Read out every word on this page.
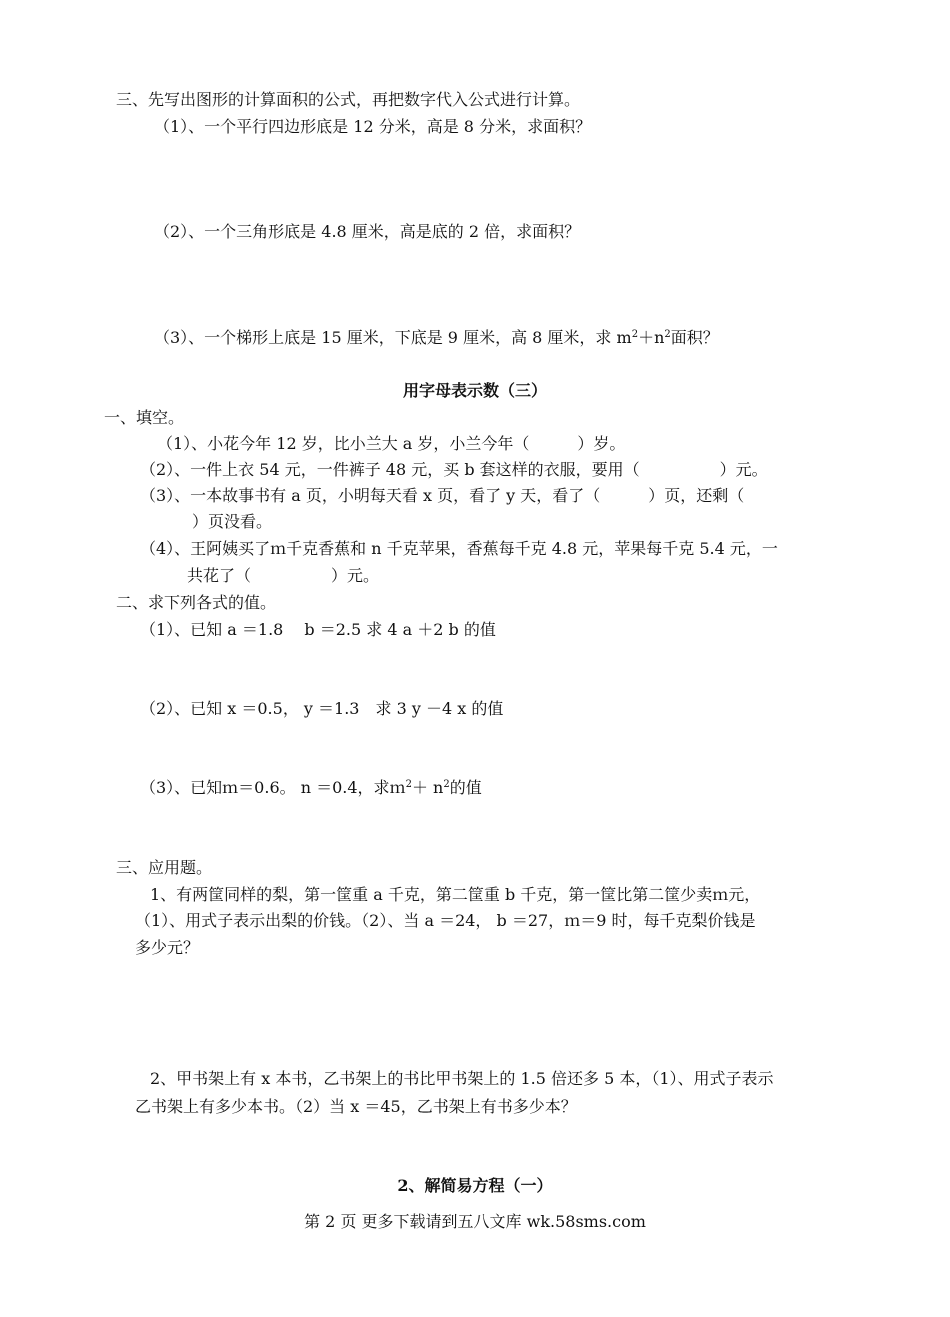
三、先写出图形的计算面积的公式，再把数字代入公式进行计算。
（1）、一个平行四边形底是 12 分米，高是 8 分米，求面积？
（2）、一个三角形底是 4.8 厘米，高是底的 2 倍，求面积？
（3）、一个梯形上底是 15 厘米，下底是 9 厘米，高 8 厘米，求 $m^2+n^2$面积？
用字母表示数（三）
一、填空。
（1）、小花今年 12 岁，比小兰大 a 岁，小兰今年（　　　）岁。
（2）、一件上衣 54 元，一件裤子 48 元，买 b 套这样的衣服，要用（　　　　　）元。
（3）、一本故事书有 a 页，小明每天看 x 页，看了 y 天，看了（　　　）页，还剩（
）页没看。
（4）、王阿姨买了ｍ千克香蕉和 n 千克苹果，香蕉每千克 4.8 元，苹果每千克 5.4 元，一
共花了（　　　　　）元。
二、求下列各式的值。
（1）、已知 a ＝1.8　 b ＝2.5 求 4 a ＋2 b 的值
（2）、已知 x ＝0.5， y ＝1.3　求 3 y －4 x 的值
（3）、已知ｍ＝0.6。 n ＝0.4，求ｍ$^2$＋ $n^2$的值
三、应用题。
1、有两筐同样的梨，第一筐重 a 千克，第二筐重 b 千克，第一筐比第二筐少卖ｍ元，
（1）、用式子表示出梨的价钱。（2）、当 a ＝24， b ＝27，ｍ＝9 时，每千克梨价钱是
多少元？
2、甲书架上有 x 本书，乙书架上的书比甲书架上的 1.5 倍还多 5 本，（1）、用式子表示
乙书架上有多少本书。（2）当 x ＝45，乙书架上有书多少本？
2、解简易方程（一）
第 2 页 更多下载请到五八文库 wk.58sms.com
